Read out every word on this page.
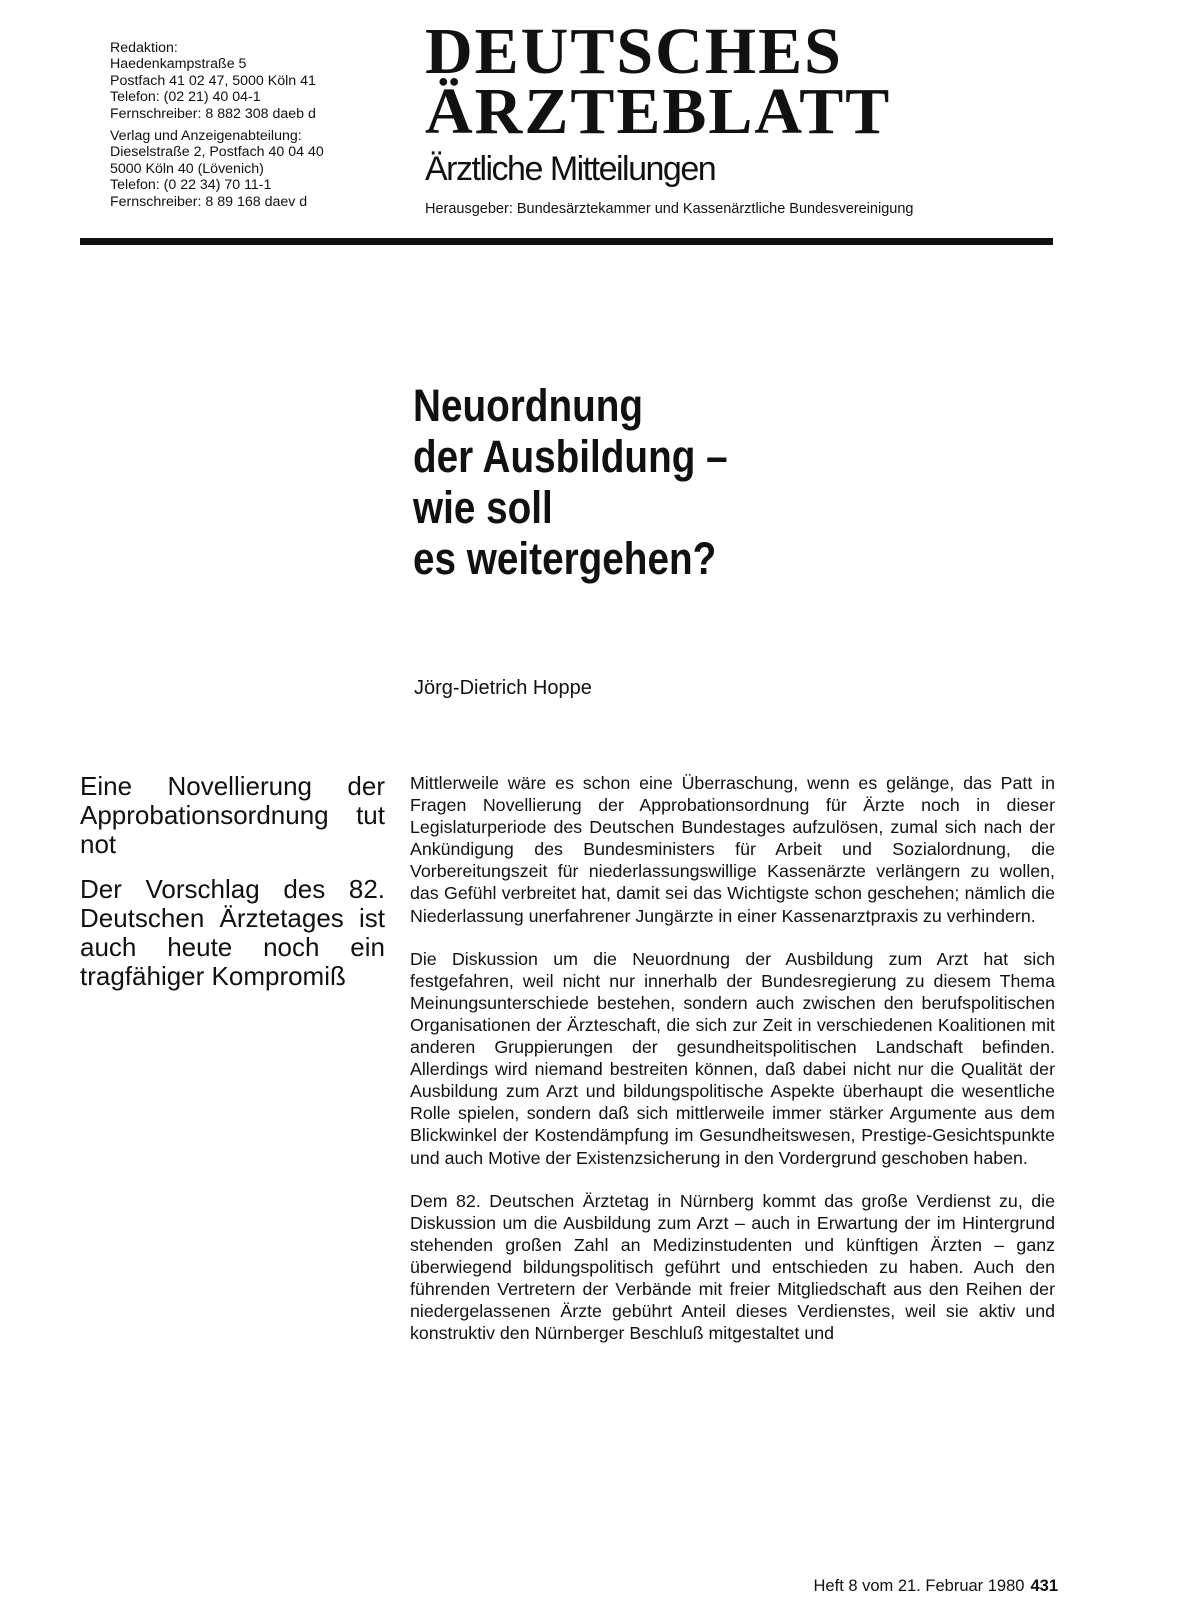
Redaktion:
Haedenkampstraße 5
Postfach 41 02 47, 5000 Köln 41
Telefon: (02 21) 40 04-1
Fernschreiber: 8 882 308 daeb d
Verlag und Anzeigenabteilung:
Dieselstraße 2, Postfach 40 04 40
5000 Köln 40 (Lövenich)
Telefon: (0 22 34) 70 11-1
Fernschreiber: 8 89 168 daev d
DEUTSCHES
ÄRZTEBLATT
Ärztliche Mitteilungen
Herausgeber: Bundesärztekammer und Kassenärztliche Bundesvereinigung
Neuordnung
der Ausbildung –
wie soll
es weitergehen?
Jörg-Dietrich Hoppe

Eine Novellierung der Approbationsordnung tut not

Der Vorschlag des 82. Deutschen Ärztetages ist auch heute noch ein tragfähiger Kompromiß

Mittlerweile wäre es schon eine Überraschung, wenn es gelänge, das Patt in Fragen Novellierung der Approbationsordnung für Ärzte noch in dieser Legislaturperiode des Deutschen Bundestages aufzulösen, zumal sich nach der Ankündigung des Bundesministers für Arbeit und Sozialordnung, die Vorbereitungszeit für niederlassungswillige Kassenärzte verlängern zu wollen, das Gefühl verbreitet hat, damit sei das Wichtigste schon geschehen; nämlich die Niederlassung unerfahrener Jungärzte in einer Kassenarztpraxis zu verhindern.

Die Diskussion um die Neuordnung der Ausbildung zum Arzt hat sich festgefahren, weil nicht nur innerhalb der Bundesregierung zu diesem Thema Meinungsunterschiede bestehen, sondern auch zwischen den berufspolitischen Organisationen der Ärzteschaft, die sich zur Zeit in verschiedenen Koalitionen mit anderen Gruppierungen der gesundheitspolitischen Landschaft befinden. Allerdings wird niemand bestreiten können, daß dabei nicht nur die Qualität der Ausbildung zum Arzt und bildungspolitische Aspekte überhaupt die wesentliche Rolle spielen, sondern daß sich mittlerweile immer stärker Argumente aus dem Blickwinkel der Kostendämpfung im Gesundheitswesen, Prestige-Gesichtspunkte und auch Motive der Existenzsicherung in den Vordergrund geschoben haben.

Dem 82. Deutschen Ärztetag in Nürnberg kommt das große Verdienst zu, die Diskussion um die Ausbildung zum Arzt – auch in Erwartung der im Hintergrund stehenden großen Zahl an Medizinstudenten und künftigen Ärzten – ganz überwiegend bildungspolitisch geführt und entschieden zu haben. Auch den führenden Vertretern der Verbände mit freier Mitgliedschaft aus den Reihen der niedergelassenen Ärzte gebührt Anteil dieses Verdienstes, weil sie aktiv und konstruktiv den Nürnberger Beschluß mitgestaltet und

Heft 8 vom 21. Februar 1980 431
